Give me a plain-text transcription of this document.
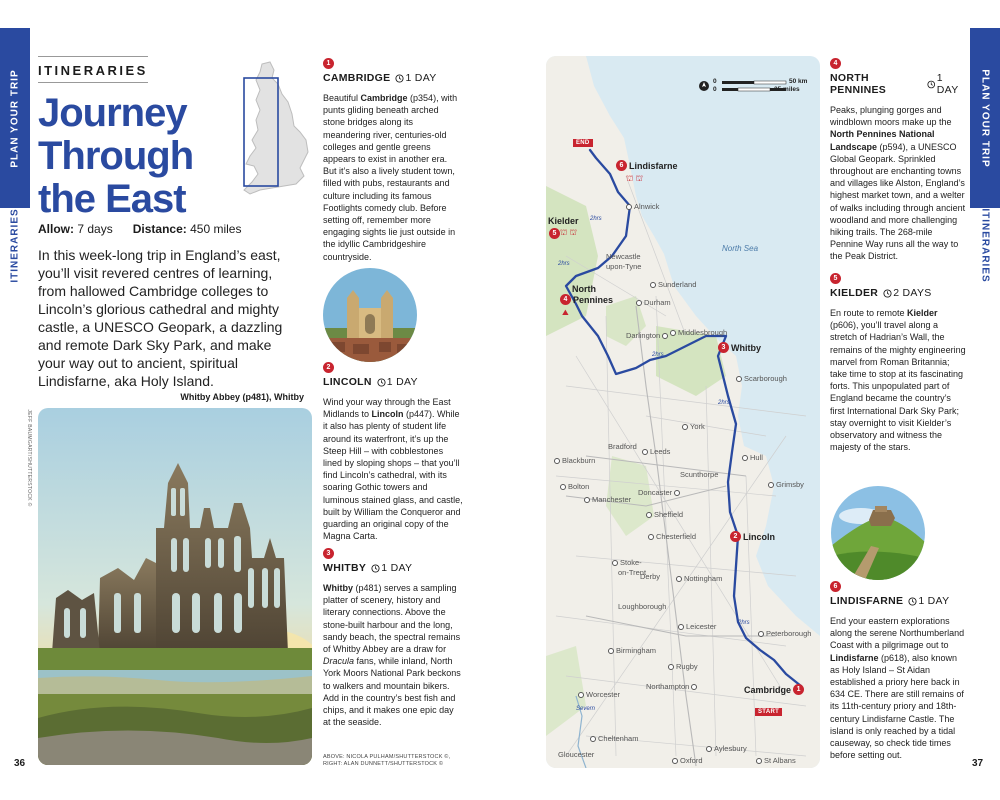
PLAN YOUR TRIP
ITINERARIES
PLAN YOUR TRIP
ITINERARIES
ITINERARIES
Journey
Through
the East
Allow: 7 days Distance: 450 miles
In this week-long trip in England’s east, you’ll visit revered centres of learning, from hallowed Cambridge colleges to Lincoln’s glorious cathedral and mighty castle, a UNESCO Geopark, a dazzling and remote Dark Sky Park, and make your way out to ancient, spiritual Lindisfarne, aka Holy Island.
Whitby Abbey (p481), Whitby
JEFF BAUMGART/SHUTTERSTOCK ©
36	37
1
CAMBRIDGE 1 DAY
Beautiful Cambridge (p354), with punts gliding beneath arched stone bridges along its meandering river, centuries-old colleges and gentle greens appears to exist in another era. But it’s also a lively student town, filled with pubs, restaurants and culture including its famous Footlights comedy club. Before setting off, remember more engaging sights lie just outside in the idyllic Cambridgeshire countryside.
2
LINCOLN 1 DAY
Wind your way through the East Midlands to Lincoln (p447). While it also has plenty of student life around its waterfront, it’s up the Steep Hill – with cobblestones lined by sloping shops – that you’ll find Lincoln’s cathedral, with its soaring Gothic towers and luminous stained glass, and castle, built by William the Conqueror and guarding an original copy of the Magna Carta.
3
WHITBY 1 DAY
Whitby (p481) serves a sampling platter of scenery, history and literary connections. Above the stone-built harbour and the long, sandy beach, the spectral remains of Whitby Abbey are a draw for Dracula fans, while inland, North York Moors National Park beckons to walkers and mountain bikers. Add in the country’s best fish and chips, and it makes one epic day at the seaside.
ABOVE: NICOLA PULHAM/SHUTTERSTOCK ©,
RIGHT: ALAN DUNNETT/SHUTTERSTOCK ©
0	50 km
0	25 miles
END
START
North Sea
2hrs
2hrs
2hrs
2hrs
2hrs
Severn
6 Lindisfarne
Kielder
5
North
4 Pennines
3 Whitby
2 Lincoln
Cambridge 1
⛫ ⛫
⛫ ⛫
⛰
Alnwick
Newcastle
upon-Tyne
Sunderland
Durham
Darlington Middlesbrough
Scarborough
York
Bradford
Leeds
Hull
Blackburn
Scunthorpe
Grimsby
Bolton
Doncaster
Manchester
Sheffield
Chesterfield
Stoke-
on-Trent
Derby	Nottingham
Loughborough
Leicester
Peterborough
Birmingham
Rugby
Northampton
Worcester
Cheltenham
Gloucester
Aylesbury
Oxford	St Albans
4
NORTH PENNINES
1 DAY
Peaks, plunging gorges and windblown moors make up the North Pennines National Landscape (p594), a UNESCO Global Geopark. Sprinkled throughout are enchanting towns and villages like Alston, England’s highest market town, and a welter of walks including through ancient woodland and more challenging hiking trails. The 268-mile Pennine Way runs all the way to the Peak District.
5
KIELDER 2 DAYS
En route to remote Kielder (p606), you’ll travel along a stretch of Hadrian’s Wall, the remains of the mighty engineering marvel from Roman Britannia; take time to stop at its fascinating forts. This unpopulated part of England became the country’s first International Dark Sky Park; stay overnight to visit Kielder’s observatory and witness the majesty of the stars.
6
LINDISFARNE 1 DAY
End your eastern explorations along the serene Northumberland Coast with a pilgrimage out to Lindisfarne (p618), also known as Holy Island – St Aidan established a priory here back in 634 CE. There are still remains of its 11th-century priory and 18th-century Lindisfarne Castle. The island is only reached by a tidal causeway, so check tide times before setting out.
